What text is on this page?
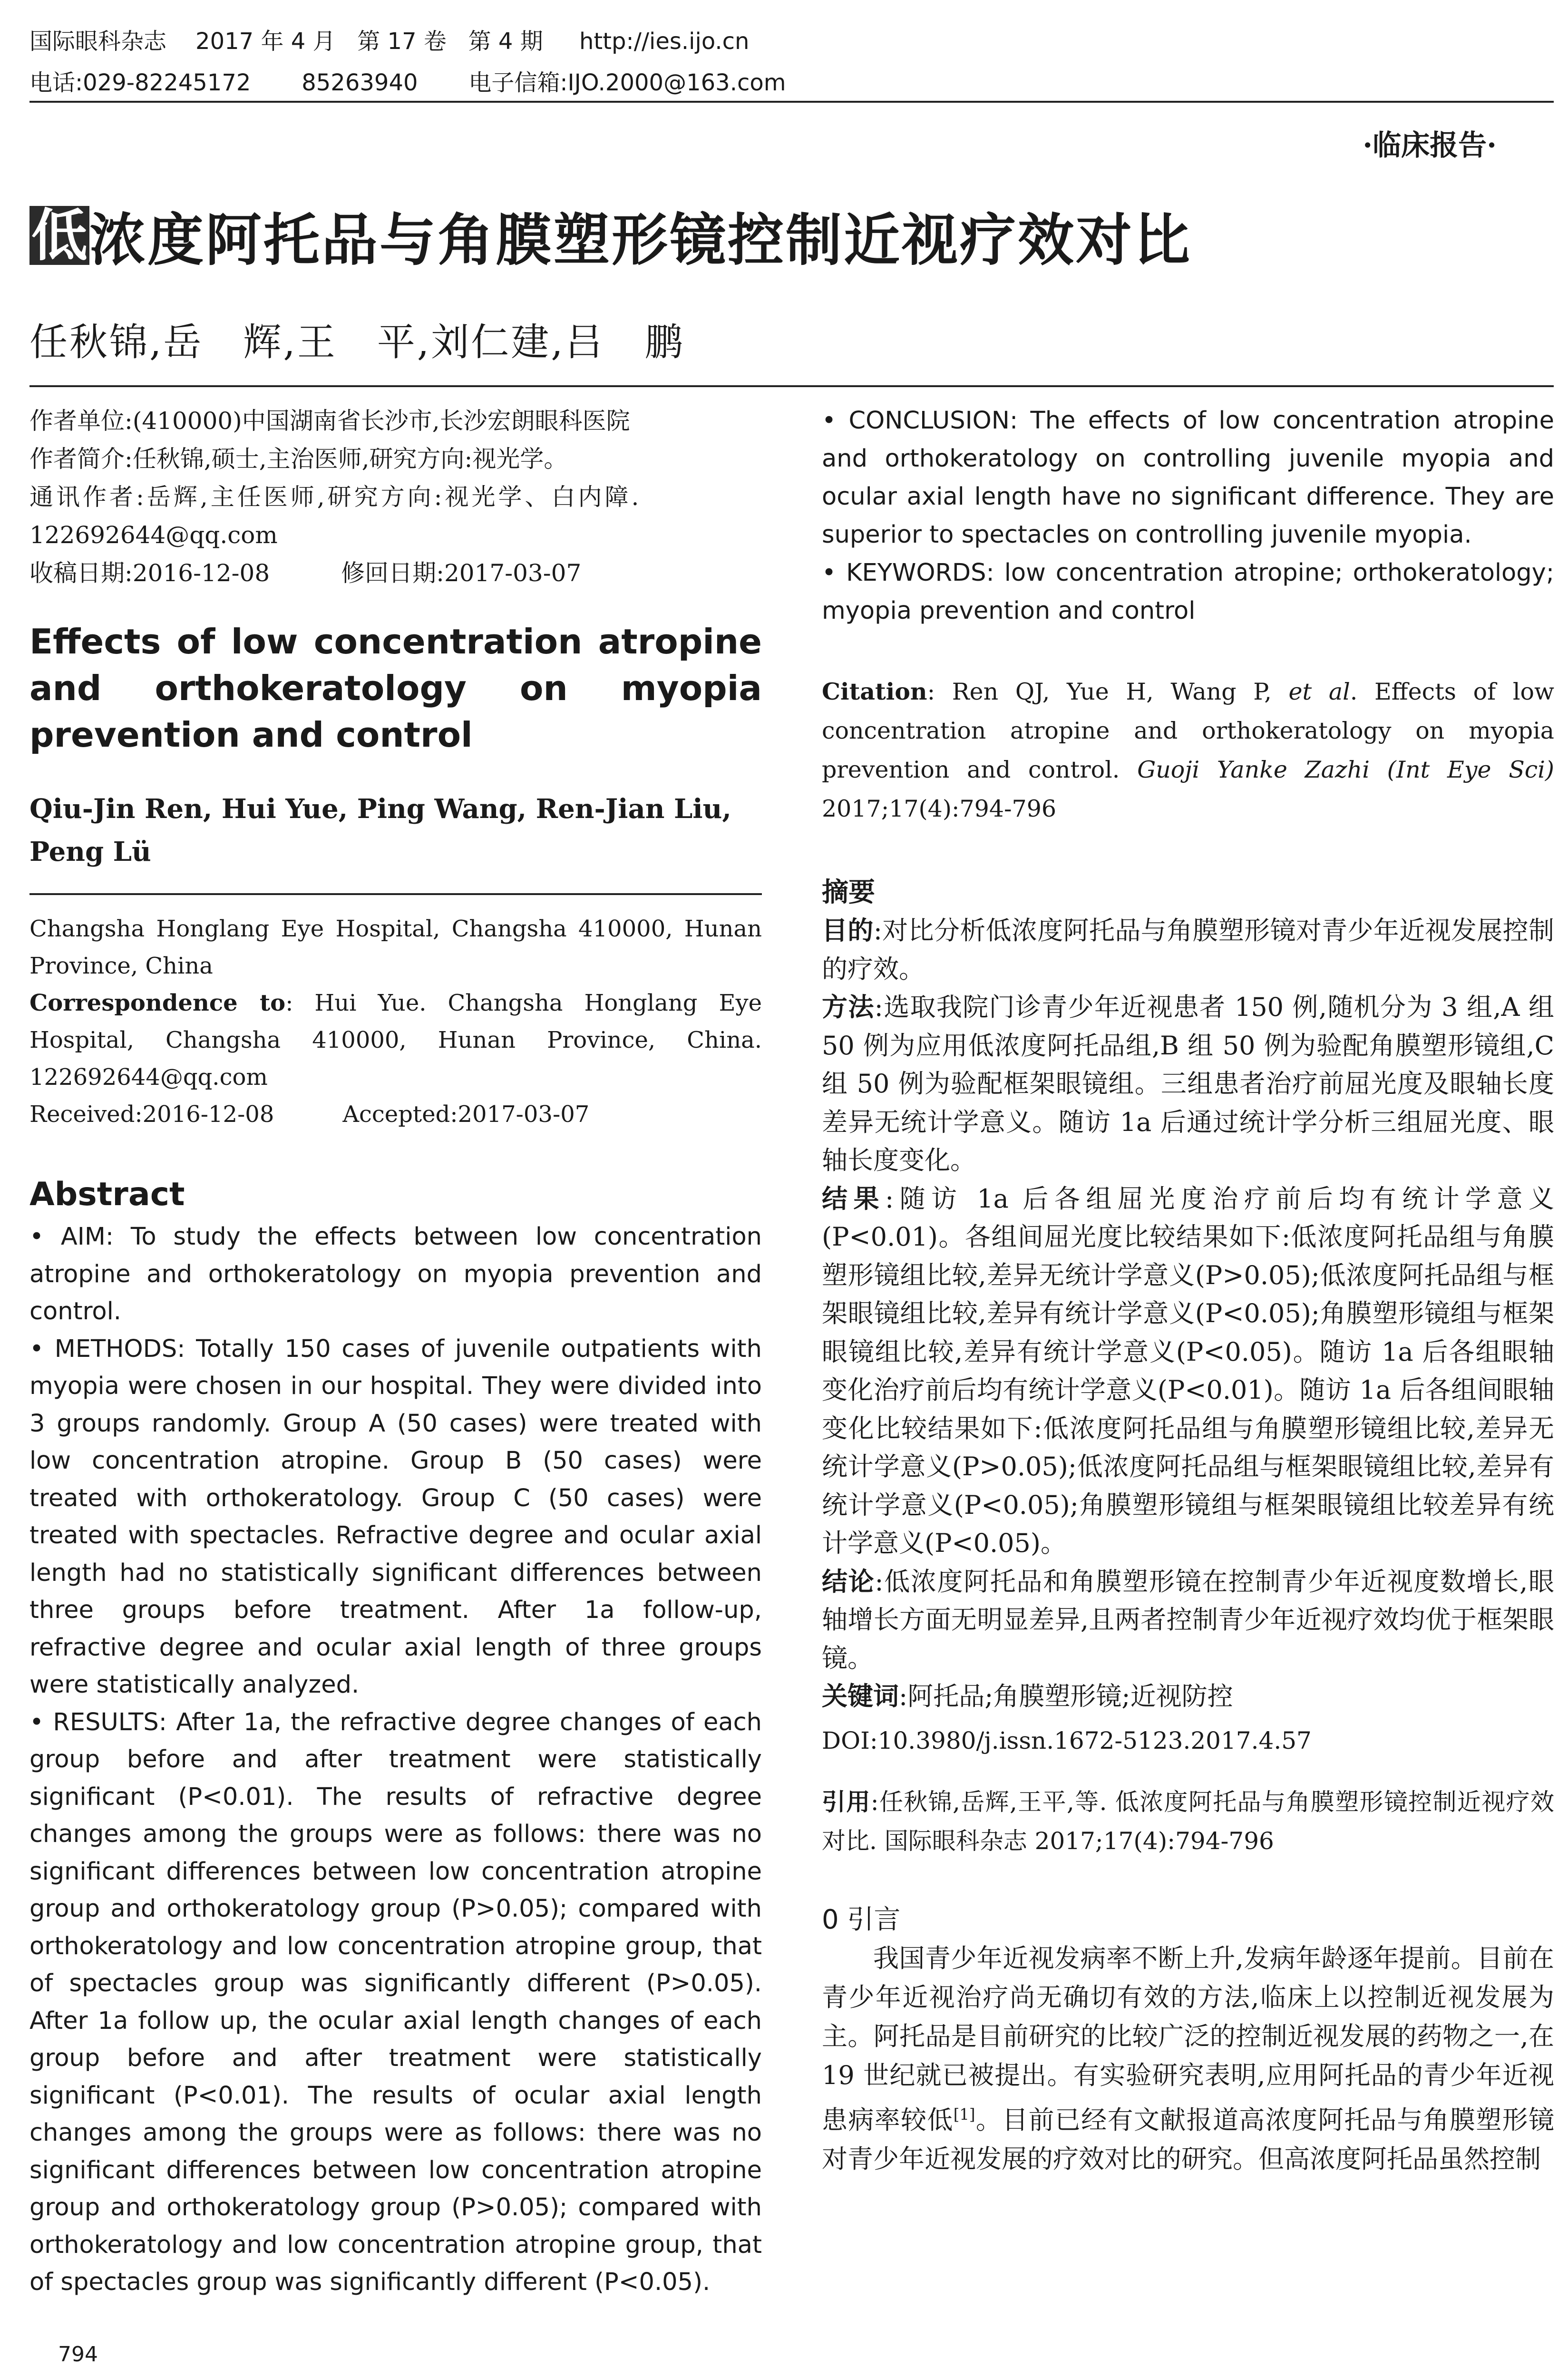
国际眼科杂志    2017 年 4 月   第 17 卷   第 4 期     http://ies.ijo.cn
电话:029-82245172       85263940       电子信箱:IJO.2000@163.com
·临床报告·
低 浓度阿托品与角膜塑形镜控制近视疗效对比
任秋锦,岳　辉,王　平,刘仁建,吕　鹏
作者单位:(410000)中国湖南省长沙市,长沙宏朗眼科医院
作者简介:任秋锦,硕士,主治医师,研究方向:视光学。
通讯作者:岳辉,主任医师,研究方向:视光学、白内障.
122692644@qq.com
收稿日期:2016-12-08　　　修回日期:2017-03-07
Effects of low concentration atropine and orthokeratology on myopia prevention and control
Qiu-Jin Ren, Hui Yue, Ping Wang, Ren-Jian Liu, Peng Lü
Changsha Honglang Eye Hospital, Changsha 410000, Hunan Province, China
Correspondence to: Hui Yue. Changsha Honglang Eye Hospital, Changsha 410000, Hunan Province, China. 122692644@qq.com
Received:2016-12-08　　　Accepted:2017-03-07
Abstract
• AIM: To study the effects between low concentration atropine and orthokeratology on myopia prevention and control.
• METHODS: Totally 150 cases of juvenile outpatients with myopia were chosen in our hospital. They were divided into 3 groups randomly. Group A (50 cases) were treated with low concentration atropine. Group B (50 cases) were treated with orthokeratology. Group C (50 cases) were treated with spectacles. Refractive degree and ocular axial length had no statistically significant differences between three groups before treatment. After 1a follow-up, refractive degree and ocular axial length of three groups were statistically analyzed.
• RESULTS: After 1a, the refractive degree changes of each group before and after treatment were statistically significant (P<0.01). The results of refractive degree changes among the groups were as follows: there was no significant differences between low concentration atropine group and orthokeratology group (P>0.05); compared with orthokeratology and low concentration atropine group, that of spectacles group was significantly different (P>0.05). After 1a follow up, the ocular axial length changes of each group before and after treatment were statistically significant (P<0.01). The results of ocular axial length changes among the groups were as follows: there was no significant differences between low concentration atropine group and orthokeratology group (P>0.05); compared with orthokeratology and low concentration atropine group, that of spectacles group was significantly different (P<0.05).
• CONCLUSION: The effects of low concentration atropine and orthokeratology on controlling juvenile myopia and ocular axial length have no significant difference. They are superior to spectacles on controlling juvenile myopia.
• KEYWORDS: low concentration atropine; orthokeratology; myopia prevention and control
Citation: Ren QJ, Yue H, Wang P, et al. Effects of low concentration atropine and orthokeratology on myopia prevention and control. Guoji Yanke Zazhi (Int Eye Sci) 2017;17(4):794-796
摘要
目的:对比分析低浓度阿托品与角膜塑形镜对青少年近视发展控制的疗效。
方法:选取我院门诊青少年近视患者 150 例,随机分为 3 组,A 组 50 例为应用低浓度阿托品组,B 组 50 例为验配角膜塑形镜组,C 组 50 例为验配框架眼镜组。三组患者治疗前屈光度及眼轴长度差异无统计学意义。随访 1a 后通过统计学分析三组屈光度、眼轴长度变化。
结果:随访 1a 后各组屈光度治疗前后均有统计学意义(P<0.01)。各组间屈光度比较结果如下:低浓度阿托品组与角膜塑形镜组比较,差异无统计学意义(P>0.05);低浓度阿托品组与框架眼镜组比较,差异有统计学意义(P<0.05);角膜塑形镜组与框架眼镜组比较,差异有统计学意义(P<0.05)。随访 1a 后各组眼轴变化治疗前后均有统计学意义(P<0.01)。随访 1a 后各组间眼轴变化比较结果如下:低浓度阿托品组与角膜塑形镜组比较,差异无统计学意义(P>0.05);低浓度阿托品组与框架眼镜组比较,差异有统计学意义(P<0.05);角膜塑形镜组与框架眼镜组比较差异有统计学意义(P<0.05)。
结论:低浓度阿托品和角膜塑形镜在控制青少年近视度数增长,眼轴增长方面无明显差异,且两者控制青少年近视疗效均优于框架眼镜。
关键词:阿托品;角膜塑形镜;近视防控
DOI:10.3980/j.issn.1672-5123.2017.4.57
引用:任秋锦,岳辉,王平,等. 低浓度阿托品与角膜塑形镜控制近视疗效对比. 国际眼科杂志 2017;17(4):794-796
0 引言
我国青少年近视发病率不断上升,发病年龄逐年提前。目前在青少年近视治疗尚无确切有效的方法,临床上以控制近视发展为主。阿托品是目前研究的比较广泛的控制近视发展的药物之一,在 19 世纪就已被提出。有实验研究表明,应用阿托品的青少年近视患病率较低[1]。目前已经有文献报道高浓度阿托品与角膜塑形镜对青少年近视发展的疗效对比的研究。但高浓度阿托品虽然控制
794
